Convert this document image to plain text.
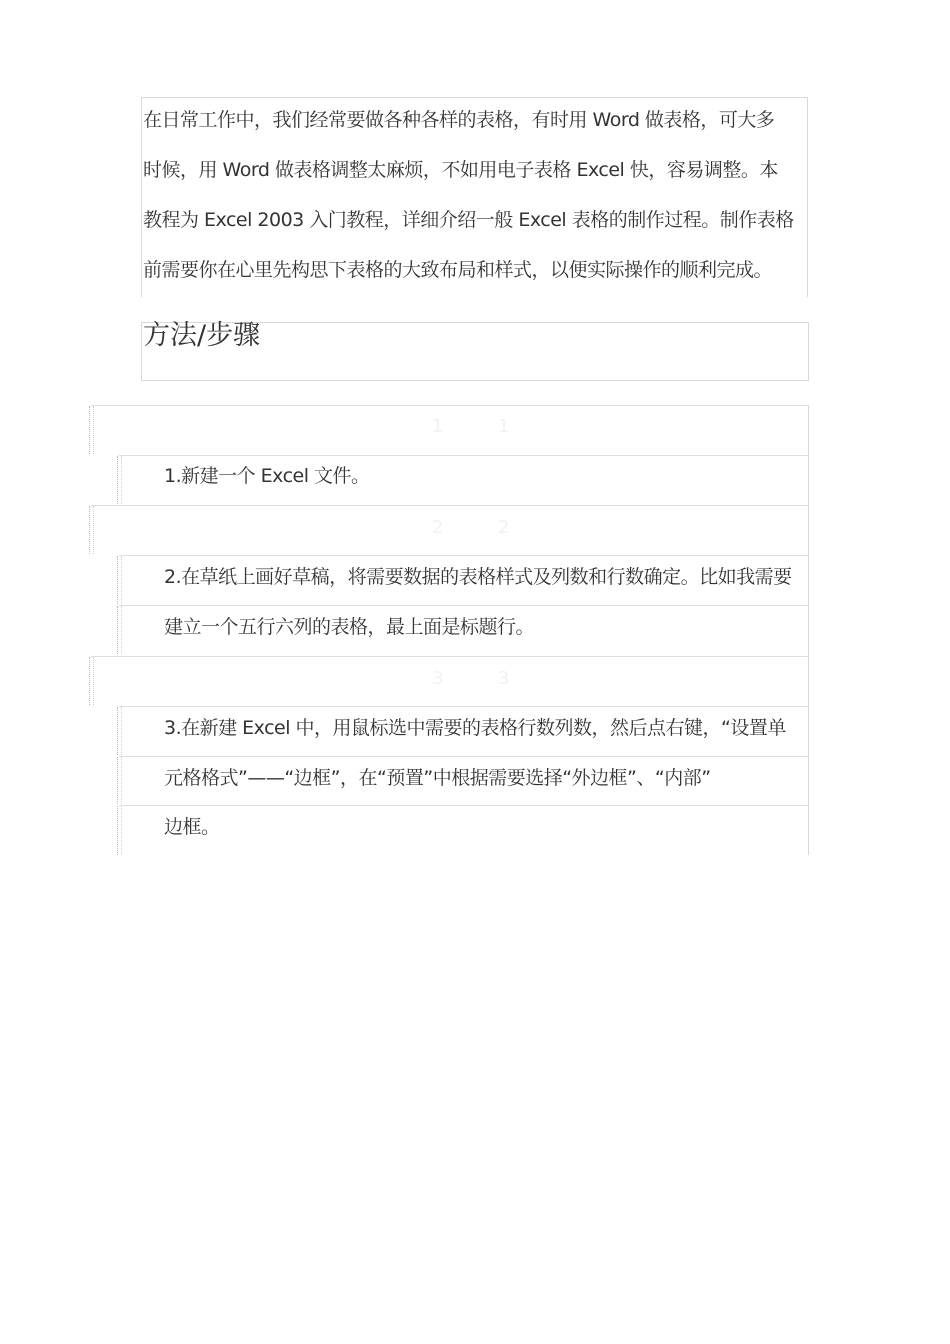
在日常工作中，我们经常要做各种各样的表格，有时用 Word 做表格，可大多
时候，用 Word 做表格调整太麻烦，不如用电子表格 Excel 快，容易调整。本
教程为 Excel 2003 入门教程，详细介绍一般 Excel 表格的制作过程。制作表格
前需要你在心里先构思下表格的大致布局和样式，以便实际操作的顺利完成。
方法/步骤
1	1
1.新建一个 Excel 文件。
2	2
2.在草纸上画好草稿，将需要数据的表格样式及列数和行数确定。比如我需要
建立一个五行六列的表格，最上面是标题行。
3	3
3.在新建 Excel 中，用鼠标选中需要的表格行数列数，然后点右键，“设置单
元格格式”——“边框”，在“预置”中根据需要选择“外边框”、“内部”
边框。
